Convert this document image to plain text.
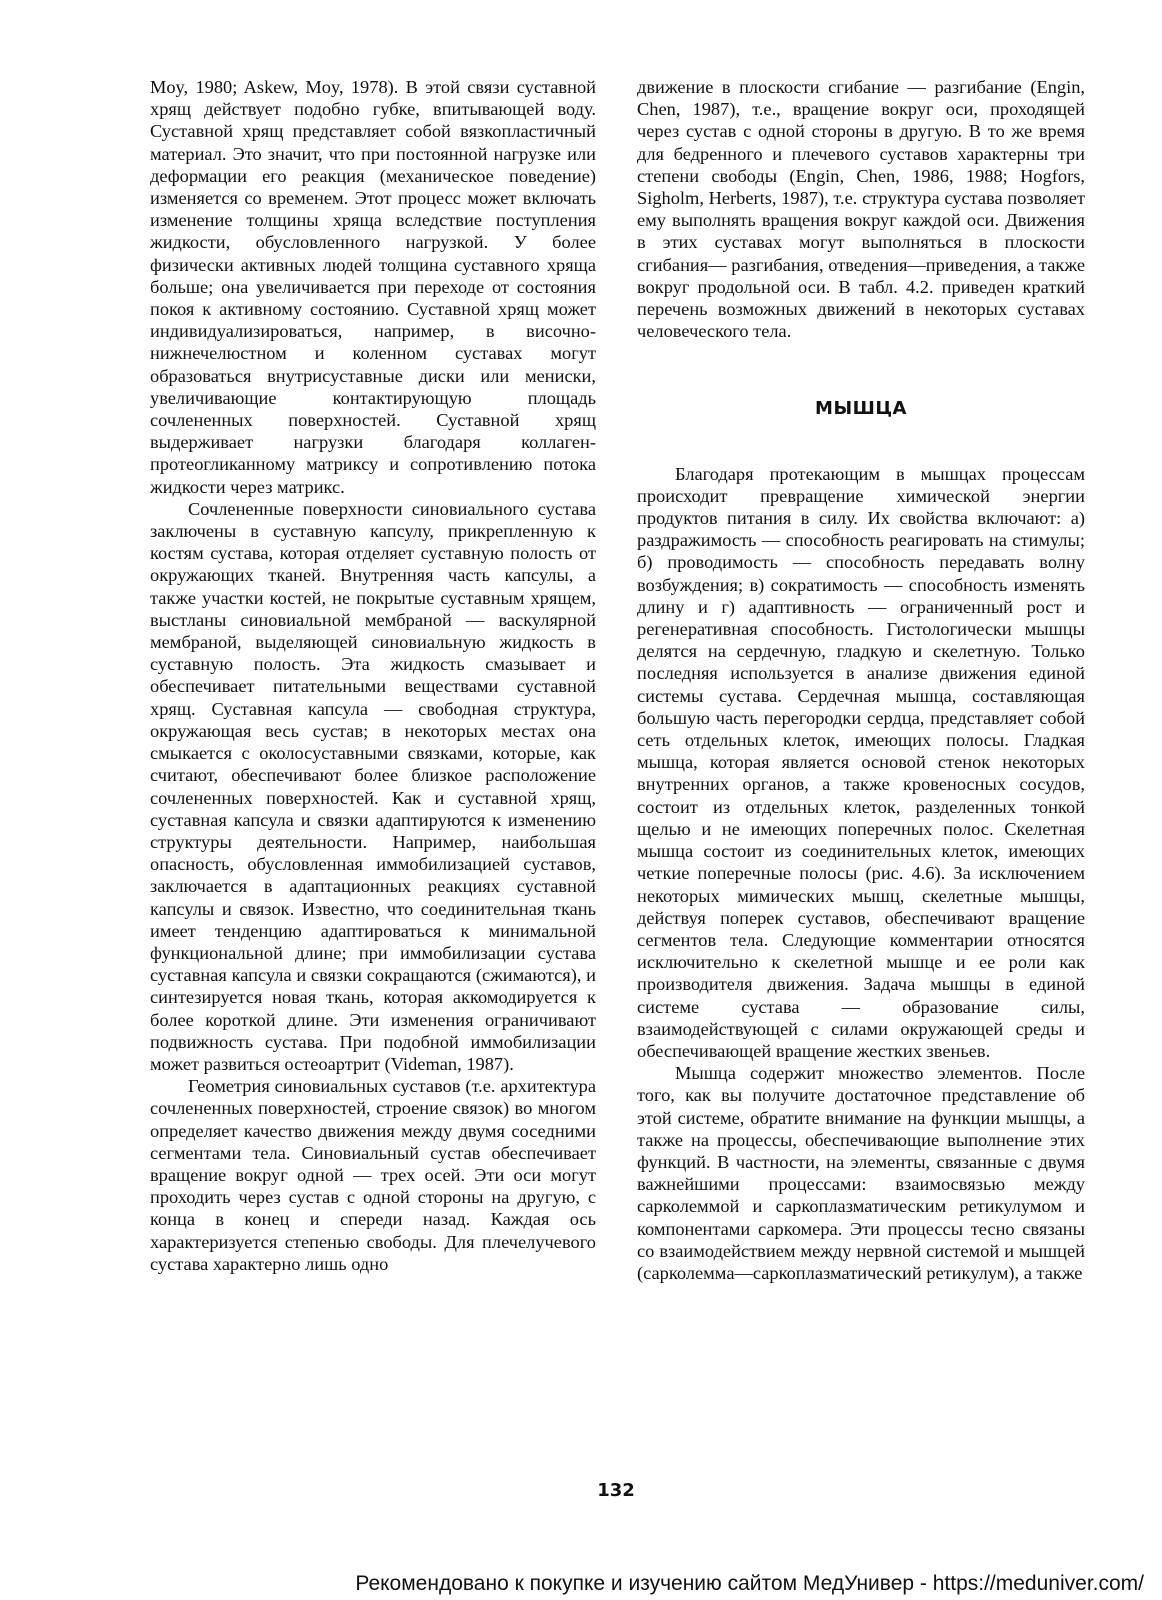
Moy, 1980; Askew, Moy, 1978). В этой связи суставной хрящ действует подобно губке, впитывающей воду. Суставной хрящ представляет собой вязкопластичный материал. Это значит, что при постоянной нагрузке или деформации его реакция (механическое поведение) изменяется со временем. Этот процесс может включать изменение толщины хряща вследствие поступления жидкости, обусловленного нагрузкой. У более физически активных людей толщина суставного хряща больше; она увеличивается при переходе от состояния покоя к активному состоянию. Суставной хрящ может индивидуализироваться, например, в височно-нижнечелюстном и коленном суставах могут образоваться внутрисуставные диски или мениски, увеличивающие контактирующую площадь сочлененных поверхностей. Суставной хрящ выдерживает нагрузки благодаря коллаген-протеогликанному матриксу и сопротивлению потока жидкости через матрикс.

Сочлененные поверхности синовиального сустава заключены в суставную капсулу, прикрепленную к костям сустава, которая отделяет суставную полость от окружающих тканей. Внутренняя часть капсулы, а также участки костей, не покрытые суставным хрящем, выстланы синовиальной мембраной — васкулярной мембраной, выделяющей синовиальную жидкость в суставную полость. Эта жидкость смазывает и обеспечивает питательными веществами суставной хрящ. Суставная капсула — свободная структура, окружающая весь сустав; в некоторых местах она смыкается с околосуставными связками, которые, как считают, обеспечивают более близкое расположение сочлененных поверхностей. Как и суставной хрящ, суставная капсула и связки адаптируются к изменению структуры деятельности. Например, наибольшая опасность, обусловленная иммобилизацией суставов, заключается в адаптационных реакциях суставной капсулы и связок. Известно, что соединительная ткань имеет тенденцию адаптироваться к минимальной функциональной длине; при иммобилизации сустава суставная капсула и связки сокращаются (сжимаются), и синтезируется новая ткань, которая аккомодируется к более короткой длине. Эти изменения ограничивают подвижность сустава. При подобной иммобилизации может развиться остеоартрит (Videman, 1987).

Геометрия синовиальных суставов (т.е. архитектура сочлененных поверхностей, строение связок) во многом определяет качество движения между двумя соседними сегментами тела. Синовиальный сустав обеспечивает вращение вокруг одной — трех осей. Эти оси могут проходить через сустав с одной стороны на другую, с конца в конец и спереди назад. Каждая ось характеризуется степенью свободы. Для плечелучевого сустава характерно лишь одно

движение в плоскости сгибание — разгибание (Engin, Chen, 1987), т.е., вращение вокруг оси, проходящей через сустав с одной стороны в другую. В то же время для бедренного и плечевого суставов характерны три степени свободы (Engin, Chen, 1986, 1988; Hogfors, Sigholm, Herberts, 1987), т.е. структура сустава позволяет ему выполнять вращения вокруг каждой оси. Движения в этих суставах могут выполняться в плоскости сгибания— разгибания, отведения—приведения, а также вокруг продольной оси. В табл. 4.2. приведен краткий перечень возможных движений в некоторых суставах человеческого тела.

МЫШЦА

Благодаря протекающим в мышцах процессам происходит превращение химической энергии продуктов питания в силу. Их свойства включают: а) раздражимость — способность реагировать на стимулы; б) проводимость — способность передавать волну возбуждения; в) сократимость — способность изменять длину и г) адаптивность — ограниченный рост и регенеративная способность. Гистологически мышцы делятся на сердечную, гладкую и скелетную. Только последняя используется в анализе движения единой системы сустава. Сердечная мышца, составляющая большую часть перегородки сердца, представляет собой сеть отдельных клеток, имеющих полосы. Гладкая мышца, которая является основой стенок некоторых внутренних органов, а также кровеносных сосудов, состоит из отдельных клеток, разделенных тонкой щелью и не имеющих поперечных полос. Скелетная мышца состоит из соединительных клеток, имеющих четкие поперечные полосы (рис. 4.6). За исключением некоторых мимических мышц, скелетные мышцы, действуя поперек суставов, обеспечивают вращение сегментов тела. Следующие комментарии относятся исключительно к скелетной мышце и ее роли как производителя движения. Задача мышцы в единой системе сустава — образование силы, взаимодействующей с силами окружающей среды и обеспечивающей вращение жестких звеньев.

Мышца содержит множество элементов. После того, как вы получите достаточное представление об этой системе, обратите внимание на функции мышцы, а также на процессы, обеспечивающие выполнение этих функций. В частности, на элементы, связанные с двумя важнейшими процессами: взаимосвязью между сарколеммой и саркоплазматическим ретикулумом и компонентами саркомера. Эти процессы тесно связаны со взаимодействием между нервной системой и мышцей (сарколемма—саркоплазматический ретикулум), а также

132
Рекомендовано к покупке и изучению сайтом МедУнивер - https://meduniver.com/
